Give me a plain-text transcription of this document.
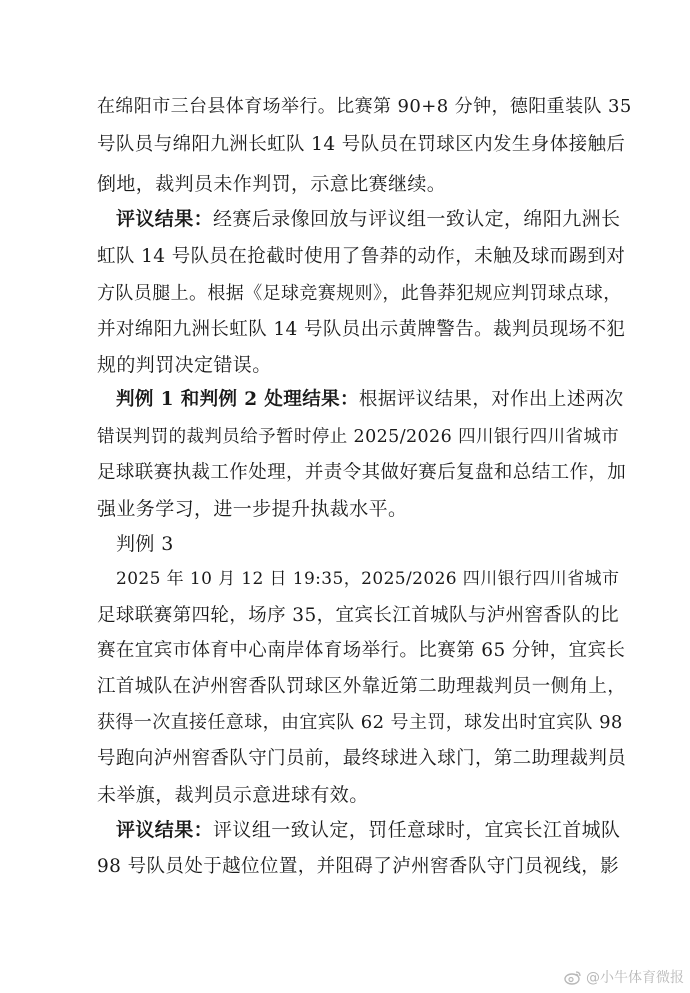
在绵阳市三台县体育场举行。比赛第 90+8 分钟，德阳重装队 35
号队员与绵阳九洲长虹队 14 号队员在罚球区内发生身体接触后
倒地，裁判员未作判罚，示意比赛继续。
评议结果：经赛后录像回放与评议组一致认定，绵阳九洲长
虹队 14 号队员在抢截时使用了鲁莽的动作，未触及球而踢到对
方队员腿上。根据《足球竞赛规则》，此鲁莽犯规应判罚球点球，
并对绵阳九洲长虹队 14 号队员出示黄牌警告。裁判员现场不犯
规的判罚决定错误。
判例 1 和判例 2 处理结果：根据评议结果，对作出上述两次
错误判罚的裁判员给予暂时停止 2025/2026 四川银行四川省城市
足球联赛执裁工作处理，并责令其做好赛后复盘和总结工作，加
强业务学习，进一步提升执裁水平。
判例 3
2025 年 10 月 12 日 19:35，2025/2026 四川银行四川省城市
足球联赛第四轮，场序 35，宜宾长江首城队与泸州窖香队的比
赛在宜宾市体育中心南岸体育场举行。比赛第 65 分钟，宜宾长
江首城队在泸州窖香队罚球区外靠近第二助理裁判员一侧角上，
获得一次直接任意球，由宜宾队 62 号主罚，球发出时宜宾队 98
号跑向泸州窖香队守门员前，最终球进入球门，第二助理裁判员
未举旗，裁判员示意进球有效。
评议结果：评议组一致认定，罚任意球时，宜宾长江首城队
98 号队员处于越位位置，并阻碍了泸州窖香队守门员视线，影
@小牛体育微报
